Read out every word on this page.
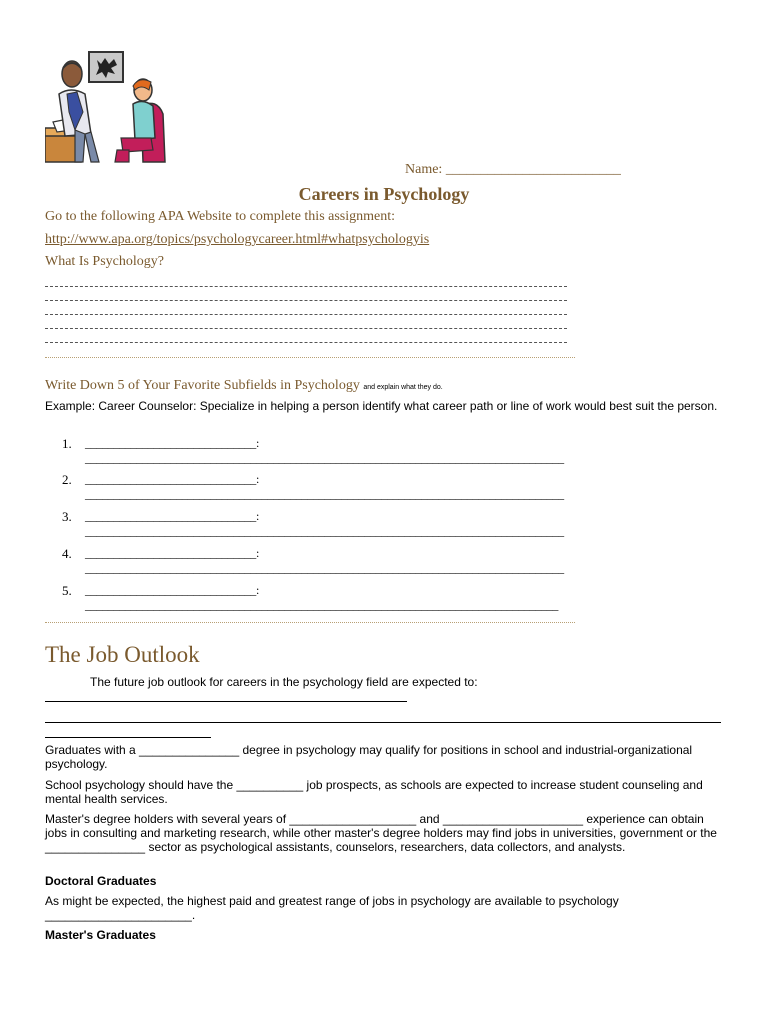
Name: _________________________
Careers in Psychology
Go to the following APA Website to complete this assignment:
http://www.apa.org/topics/psychologycareer.html#whatpsychologyis
What Is Psychology?
Write Down 5 of Your Favorite Subfields in Psychology and explain what they do.
Example: Career Counselor: Specialize in helping a person identify what career path or line of work would best suit the person.
1. ______________________________:
____________________________________________________________________________________
2. ______________________________:
____________________________________________________________________________________
3. ______________________________:
____________________________________________________________________________________
4. ______________________________:
____________________________________________________________________________________
5. ______________________________:
___________________________________________________________________________________
The Job Outlook
The future job outlook for careers in the psychology field are expected to:
Graduates with a _______________ degree in psychology may qualify for positions in school and industrial-organizational psychology.
School psychology should have the __________ job prospects, as schools are expected to increase student counseling and mental health services.
Master's degree holders with several years of ___________________ and _____________________ experience can obtain jobs in consulting and marketing research, while other master's degree holders may find jobs in universities, government or the _______________ sector as psychological assistants, counselors, researchers, data collectors, and analysts.
Doctoral Graduates
As might be expected, the highest paid and greatest range of jobs in psychology are available to psychology
______________________.
Master's Graduates
